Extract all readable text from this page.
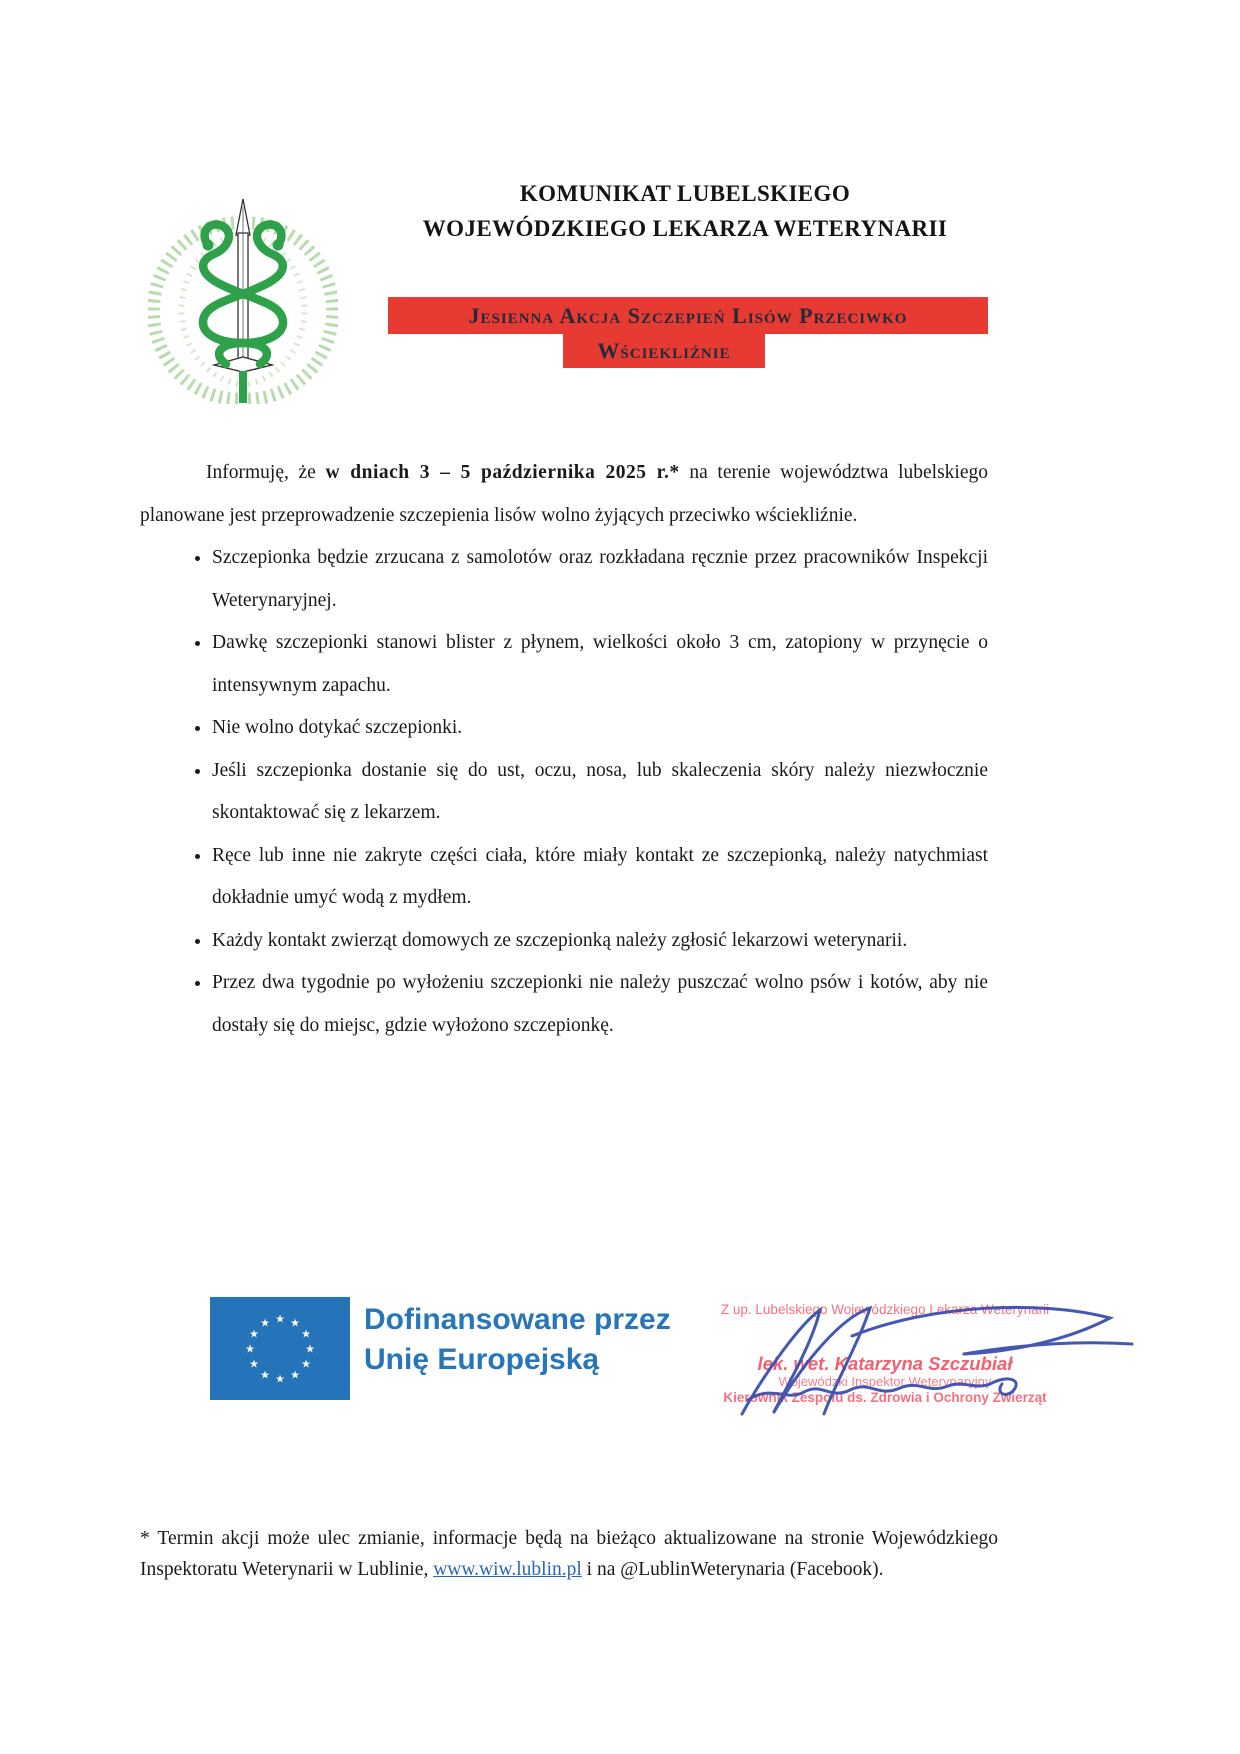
KOMUNIKAT LUBELSKIEGO
WOJEWÓDZKIEGO LEKARZA WETERYNARII
Jesienna Akcja Szczepień Lisów Przeciwko
Wściekliźnie

Informuję, że w dniach 3 – 5 października 2025 r.* na terenie województwa lubelskiego planowane jest przeprowadzenie szczepienia lisów wolno żyjących przeciwko wściekliźnie.

• Szczepionka będzie zrzucana z samolotów oraz rozkładana ręcznie przez pracowników Inspekcji Weterynaryjnej.
• Dawkę szczepionki stanowi blister z płynem, wielkości około 3 cm, zatopiony w przynęcie o intensywnym zapachu.
• Nie wolno dotykać szczepionki.
• Jeśli szczepionka dostanie się do ust, oczu, nosa, lub skaleczenia skóry należy niezwłocznie skontaktować się z lekarzem.
• Ręce lub inne nie zakryte części ciała, które miały kontakt ze szczepionką, należy natychmiast dokładnie umyć wodą z mydłem.
• Każdy kontakt zwierząt domowych ze szczepionką należy zgłosić lekarzowi weterynarii.
• Przez dwa tygodnie po wyłożeniu szczepionki nie należy puszczać wolno psów i kotów, aby nie dostały się do miejsc, gdzie wyłożono szczepionkę.
★ ★
★
★
★
★
★
★
★
★
★
★	Dofinansowane przez
Unię Europejską
Z up. Lubelskiego Wojewódzkiego Lekarza Weterynarii
lek. wet. Katarzyna Szczubiał
Wojewódzki Inspektor Weterynaryjny
Kierownik Zespołu ds. Zdrowia i Ochrony Zwierząt

* Termin akcji może ulec zmianie, informacje będą na bieżąco aktualizowane na stronie Wojewódzkiego Inspektoratu Weterynarii w Lublinie, www.wiw.lublin.pl i na @LublinWeterynaria (Facebook).
